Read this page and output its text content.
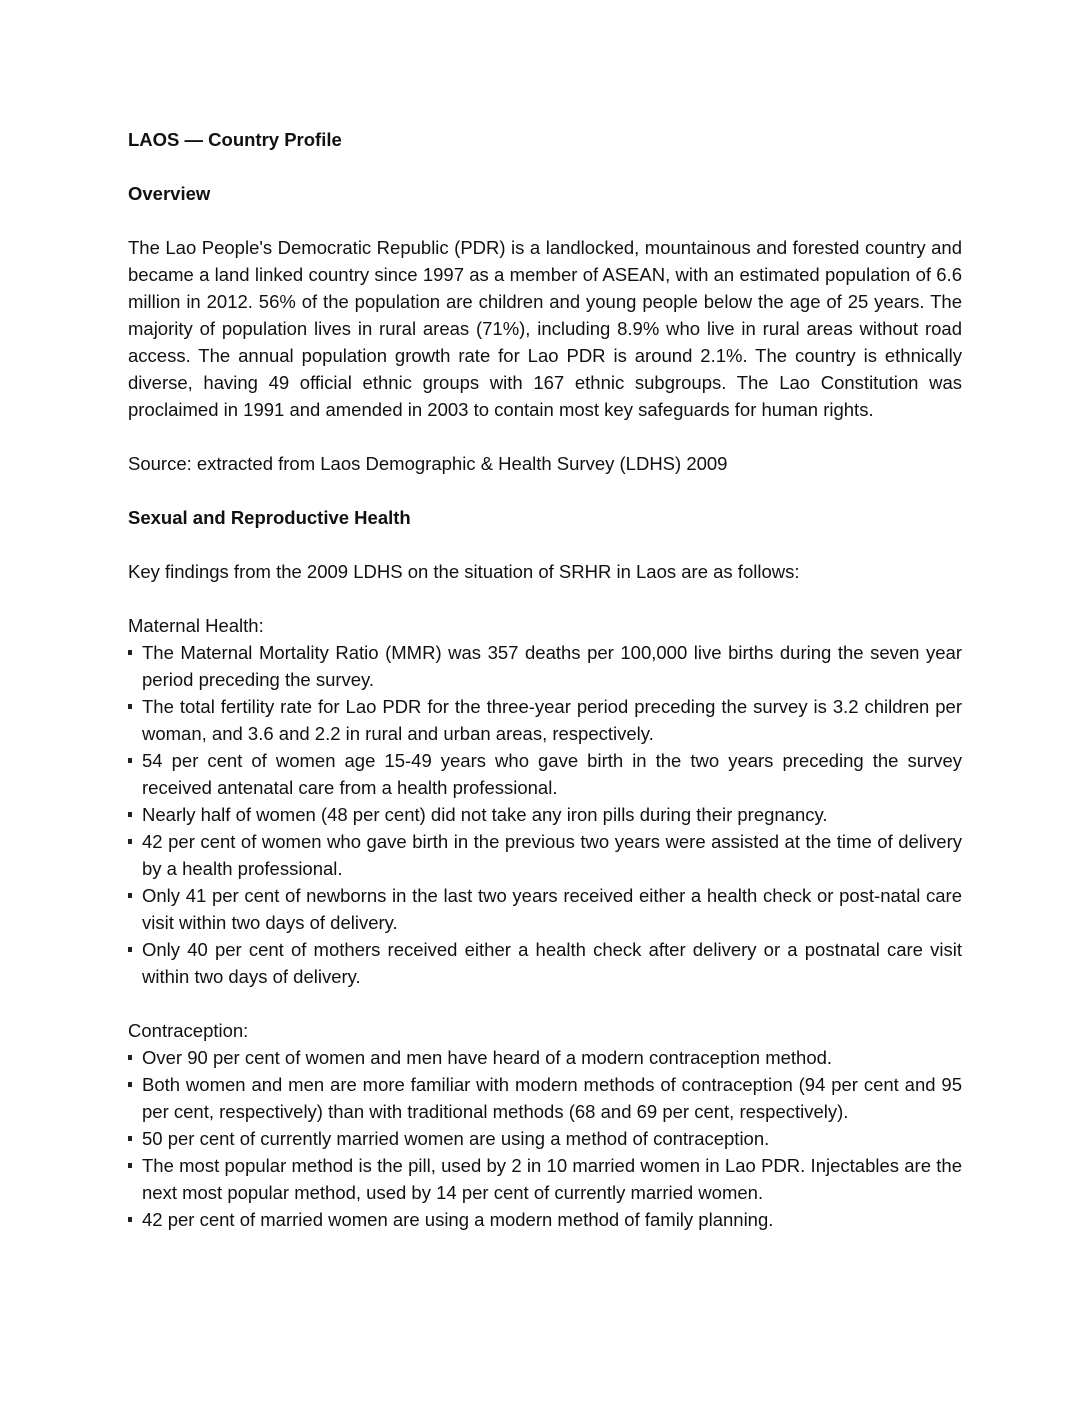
LAOS — Country Profile
Overview

The Lao People's Democratic Republic (PDR) is a landlocked, mountainous and forested country and became a land linked country since 1997 as a member of ASEAN, with an estimated population of 6.6 million in 2012. 56% of the population are children and young people below the age of 25 years. The majority of population lives in rural areas (71%), including 8.9% who live in rural areas without road access. The annual population growth rate for Lao PDR is around 2.1%. The country is ethnically diverse, having 49 official ethnic groups with 167 ethnic subgroups. The Lao Constitution was proclaimed in 1991 and amended in 2003 to contain most key safeguards for human rights.

Source: extracted from Laos Demographic & Health Survey (LDHS) 2009

Sexual and Reproductive Health

Key findings from the 2009 LDHS on the situation of SRHR in Laos are as follows:

Maternal Health:
The Maternal Mortality Ratio (MMR) was 357 deaths per 100,000 live births during the seven year period preceding the survey.
The total fertility rate for Lao PDR for the three-year period preceding the survey is 3.2 children per woman, and 3.6 and 2.2 in rural and urban areas, respectively.
54 per cent of women age 15-49 years who gave birth in the two years preceding the survey received antenatal care from a health professional.
Nearly half of women (48 per cent) did not take any iron pills during their pregnancy.
42 per cent of women who gave birth in the previous two years were assisted at the time of delivery by a health professional.
Only 41 per cent of newborns in the last two years received either a health check or post-natal care visit within two days of delivery.
Only 40 per cent of mothers received either a health check after delivery or a postnatal care visit within two days of delivery.
Contraception:
Over 90 per cent of women and men have heard of a modern contraception method.
Both women and men are more familiar with modern methods of contraception (94 per cent and 95 per cent, respectively) than with traditional methods (68 and 69 per cent, respectively).
50 per cent of currently married women are using a method of contraception.
The most popular method is the pill, used by 2 in 10 married women in Lao PDR. Injectables are the next most popular method, used by 14 per cent of currently married women.
42 per cent of married women are using a modern method of family planning.
